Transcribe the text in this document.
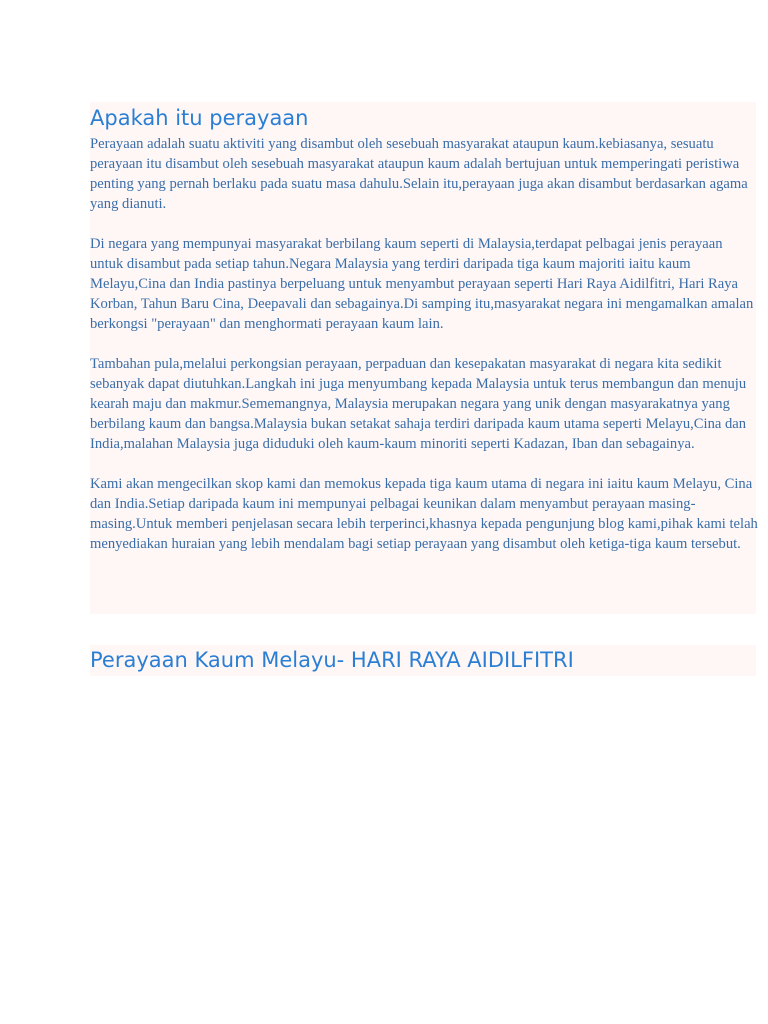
Apakah itu perayaan

Perayaan adalah suatu aktiviti yang disambut oleh sesebuah masyarakat ataupun kaum.kebiasanya, sesuatu perayaan itu disambut oleh sesebuah masyarakat ataupun kaum adalah bertujuan untuk memperingati peristiwa penting yang pernah berlaku pada suatu masa dahulu.Selain itu,perayaan juga akan disambut berdasarkan agama yang dianuti.

Di negara yang mempunyai masyarakat berbilang kaum seperti di Malaysia,terdapat pelbagai jenis perayaan untuk disambut pada setiap tahun.Negara Malaysia yang terdiri daripada tiga kaum majoriti iaitu kaum Melayu,Cina dan India pastinya berpeluang untuk menyambut perayaan seperti Hari Raya Aidilfitri, Hari Raya Korban, Tahun Baru Cina, Deepavali dan sebagainya.Di samping itu,masyarakat negara ini mengamalkan amalan berkongsi "perayaan" dan menghormati perayaan kaum lain.

Tambahan pula,melalui perkongsian perayaan, perpaduan dan kesepakatan masyarakat di negara kita sedikit sebanyak dapat diutuhkan.Langkah ini juga menyumbang kepada Malaysia untuk terus membangun dan menuju kearah maju dan makmur.Sememangnya, Malaysia merupakan negara yang unik dengan masyarakatnya yang berbilang kaum dan bangsa.Malaysia bukan setakat sahaja terdiri daripada kaum utama seperti Melayu,Cina dan India,malahan Malaysia juga diduduki oleh kaum-kaum minoriti seperti Kadazan, Iban dan sebagainya.

Kami akan mengecilkan skop kami dan memokus kepada tiga kaum utama di negara ini iaitu kaum Melayu, Cina dan India.Setiap daripada kaum ini mempunyai pelbagai keunikan dalam menyambut perayaan masing-masing.Untuk memberi penjelasan secara lebih terperinci,khasnya kepada pengunjung blog kami,pihak kami telah menyediakan huraian yang lebih mendalam bagi setiap perayaan yang disambut oleh ketiga-tiga kaum tersebut.

Perayaan Kaum Melayu- HARI RAYA AIDILFITRI
